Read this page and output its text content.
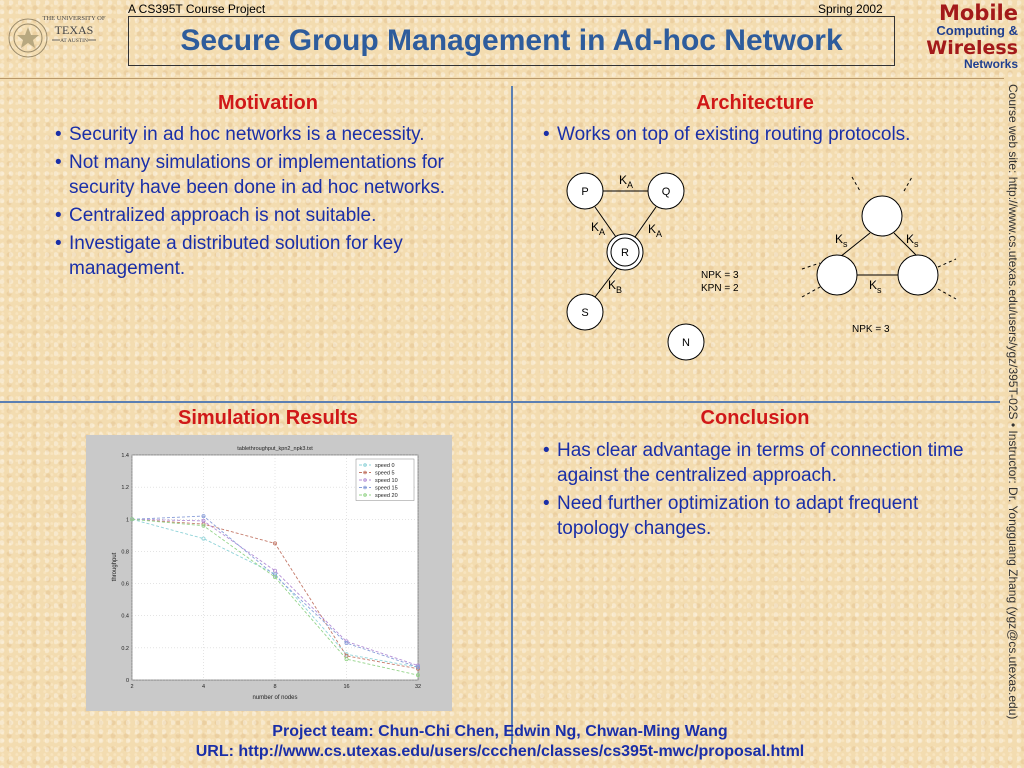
THE UNIVERSITY OF
TEXAS
AT AUSTIN
A CS395T Course Project	Spring 2002
Secure Group Management in Ad-hoc Network
Mobile
Computing &
Wireless
Networks
Course web site: http://www.cs.utexas.edu/users/ygz/395T-02S • Instructor: Dr. Yongguang Zhang (ygz@cs.utexas.edu)
Motivation
• Security in ad hoc networks is a necessity.
• Not many simulations or implementations for security have been done in ad hoc networks.
• Centralized approach is not suitable.
• Investigate a distributed solution for key management.
Architecture
• Works on top of existing routing protocols.
P	Q
R
S
N
$K_A$
$K_A$	$K_A$
$K_B$
NPK = 3
KPN = 2
$K_s$	$K_s$
$K_s$
NPK = 3
Simulation Results
0
0.2
0.4
0.6
0.8
1
1.2
1.4
2	4	8	16	32
tablethroughput_kpn2_npk3.txt
number of nodes
throughput
speed 0
speed 5
speed 10
speed 15
speed 20
Conclusion
• Has clear advantage in terms of connection time against the centralized approach.
• Need further optimization to adapt frequent topology changes.
Project team: Chun-Chi Chen, Edwin Ng, Chwan-Ming Wang
URL: http://www.cs.utexas.edu/users/ccchen/classes/cs395t-mwc/proposal.html
